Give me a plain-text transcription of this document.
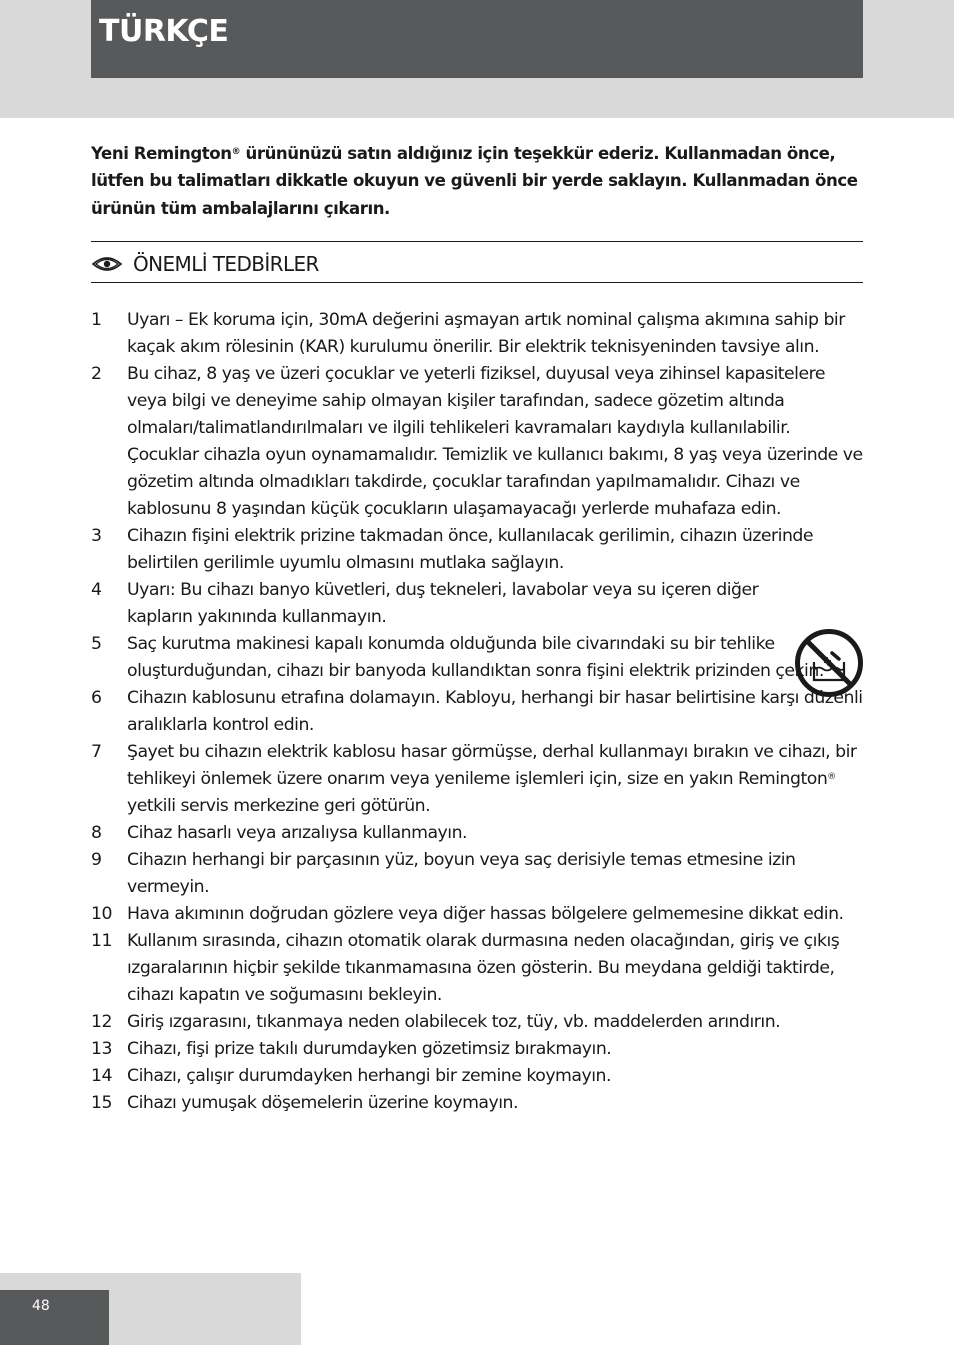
TÜRKÇE

Yeni Remington® ürününüzü satın aldığınız için teşekkür ederiz. Kullanmadan önce, lütfen bu talimatları dikkatle okuyun ve güvenli bir yerde saklayın. Kullanmadan önce ürünün tüm ambalajlarını çıkarın.

ÖNEMLİ TEDBİRLER
1 Uyarı – Ek koruma için, 30mA değerini aşmayan artık nominal çalışma akımına sahip bir kaçak akım rölesinin (KAR) kurulumu önerilir. Bir elektrik teknisyeninden tavsiye alın.
2 Bu cihaz, 8 yaş ve üzeri çocuklar ve yeterli fiziksel, duyusal veya zihinsel kapasitelere veya bilgi ve deneyime sahip olmayan kişiler tarafından, sadece gözetim altında olmaları/talimatlandırılmaları ve ilgili tehlikeleri kavramaları kaydıyla kullanılabilir. Çocuklar cihazla oyun oynamamalıdır. Temizlik ve kullanıcı bakımı, 8 yaş veya üzerinde ve gözetim altında olmadıkları takdirde, çocuklar tarafından yapılmamalıdır. Cihazı ve kablosunu 8 yaşından küçük çocukların ulaşamayacağı yerlerde muhafaza edin.
3 Cihazın fişini elektrik prizine takmadan önce, kullanılacak gerilimin, cihazın üzerinde belirtilen gerilimle uyumlu olmasını mutlaka sağlayın.
4 Uyarı: Bu cihazı banyo küvetleri, duş tekneleri, lavabolar veya su içeren diğer kapların yakınında kullanmayın.
5 Saç kurutma makinesi kapalı konumda olduğunda bile civarındaki su bir tehlike oluşturduğundan, cihazı bir banyoda kullandıktan sonra fişini elektrik prizinden çekin.
6 Cihazın kablosunu etrafına dolamayın. Kabloyu, herhangi bir hasar belirtisine karşı düzenli aralıklarla kontrol edin.
7 Şayet bu cihazın elektrik kablosu hasar görmüşse, derhal kullanmayı bırakın ve cihazı, bir tehlikeyi önlemek üzere onarım veya yenileme işlemleri için, size en yakın Remington® yetkili servis merkezine geri götürün.
8 Cihaz hasarlı veya arızalıysa kullanmayın.
9 Cihazın herhangi bir parçasının yüz, boyun veya saç derisiyle temas etmesine izin vermeyin.
10 Hava akımının doğrudan gözlere veya diğer hassas bölgelere gelmemesine dikkat edin.
11 Kullanım sırasında, cihazın otomatik olarak durmasına neden olacağından, giriş ve çıkış ızgaralarının hiçbir şekilde tıkanmamasına özen gösterin. Bu meydana geldiği taktirde, cihazı kapatın ve soğumasını bekleyin.
12 Giriş ızgarasını, tıkanmaya neden olabilecek toz, tüy, vb. maddelerden arındırın.
13 Cihazı, fişi prize takılı durumdayken gözetimsiz bırakmayın.
14 Cihazı, çalışır durumdayken herhangi bir zemine koymayın.
15 Cihazı yumuşak döşemelerin üzerine koymayın.
48
